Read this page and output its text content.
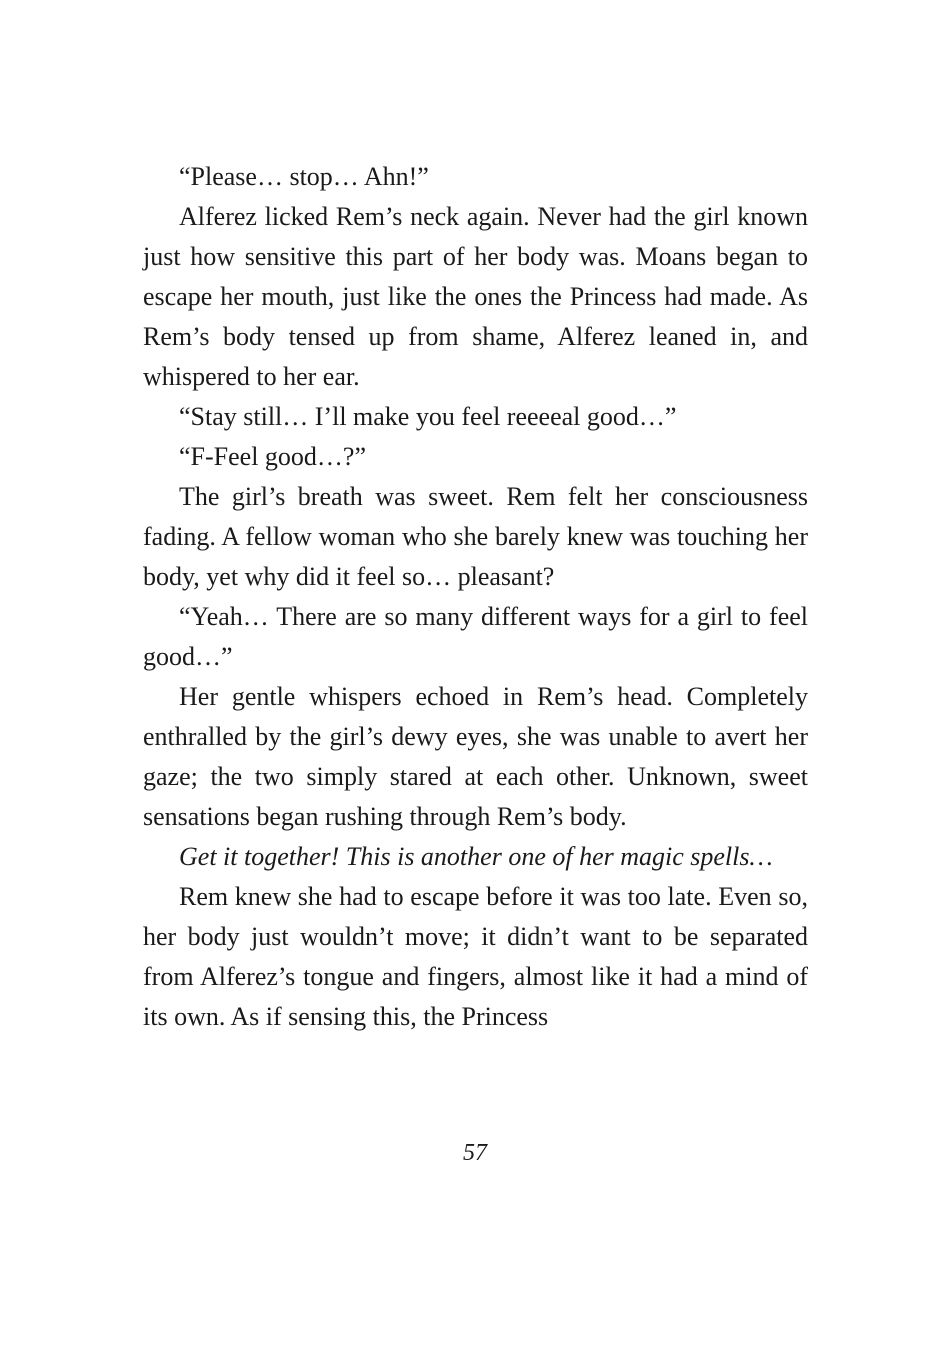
“Please… stop… Ahn!”

Alferez licked Rem’s neck again. Never had the girl known just how sensitive this part of her body was. Moans began to escape her mouth, just like the ones the Princess had made. As Rem’s body tensed up from shame, Alferez leaned in, and whispered to her ear.

“Stay still… I’ll make you feel reeeeal good…”

“F-Feel good…?”

The girl’s breath was sweet. Rem felt her consciousness fading. A fellow woman who she barely knew was touching her body, yet why did it feel so… pleasant?

“Yeah… There are so many different ways for a girl to feel good…”

Her gentle whispers echoed in Rem’s head. Completely enthralled by the girl’s dewy eyes, she was unable to avert her gaze; the two simply stared at each other. Unknown, sweet sensations began rushing through Rem’s body.

Get it together! This is another one of her magic spells…

Rem knew she had to escape before it was too late. Even so, her body just wouldn’t move; it didn’t want to be separated from Alferez’s tongue and fingers, almost like it had a mind of its own. As if sensing this, the Princess

57
